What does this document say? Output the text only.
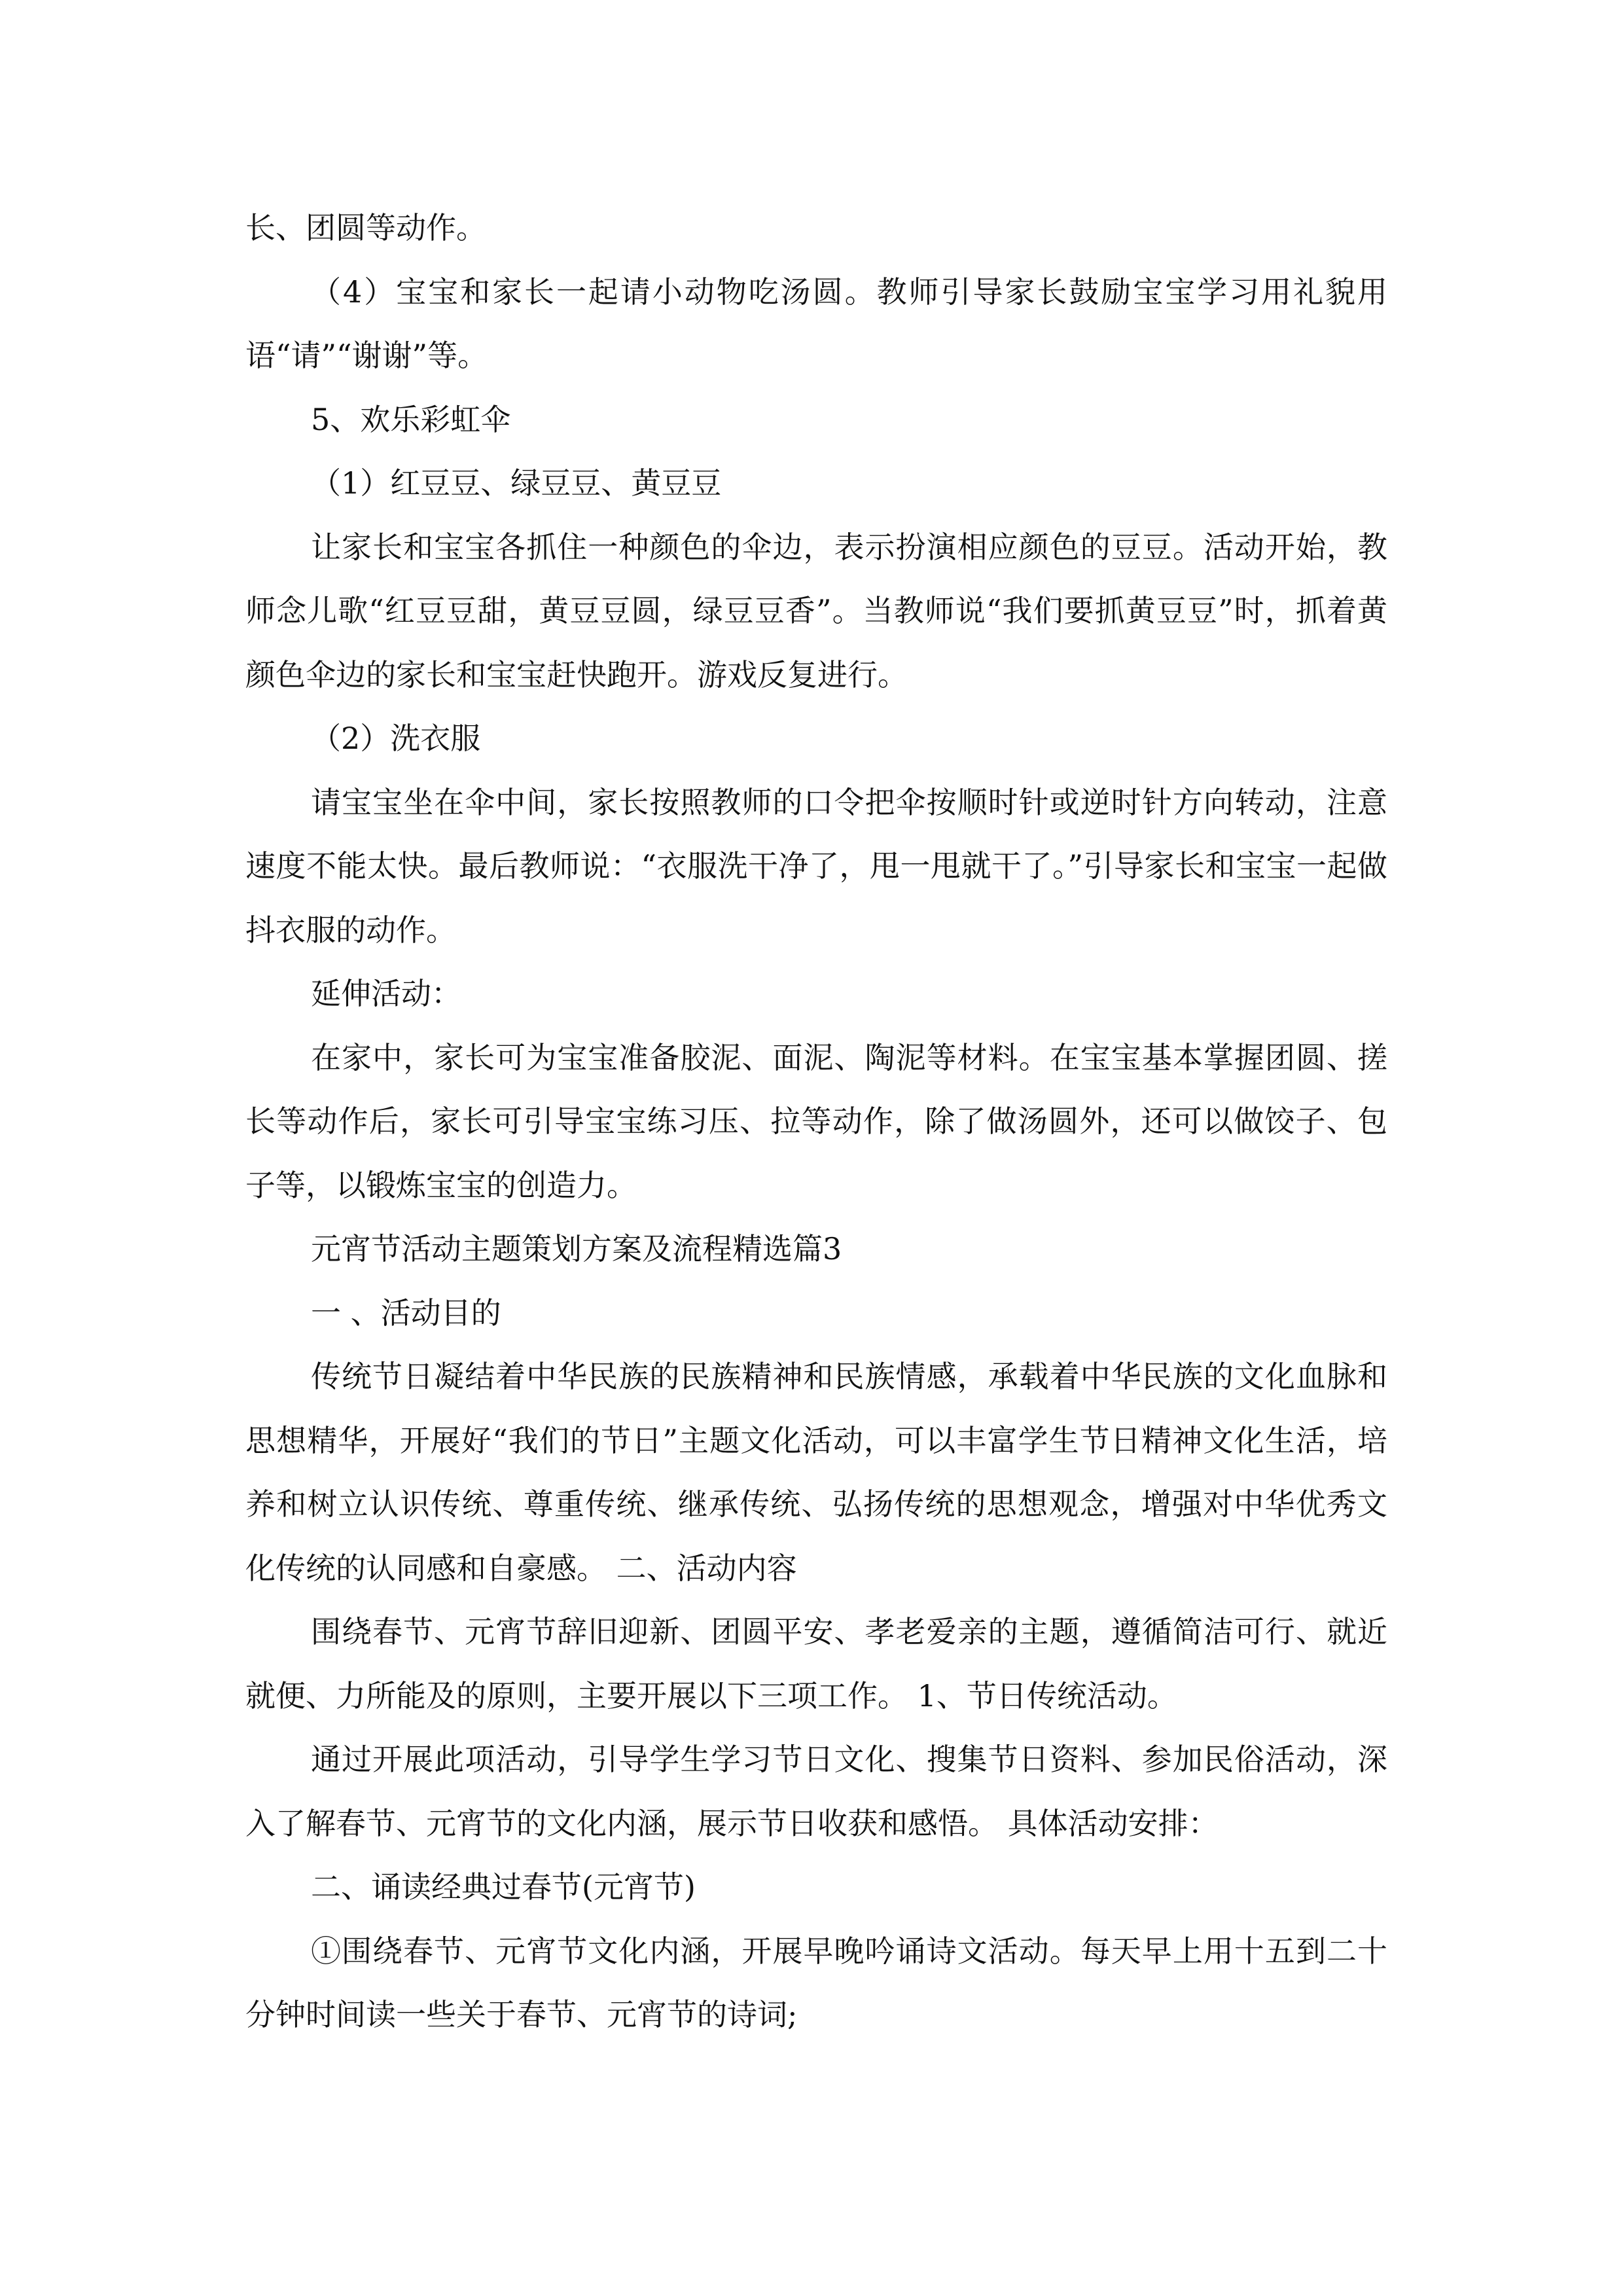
长、团圆等动作。

（4）宝宝和家长一起请小动物吃汤圆。教师引导家长鼓励宝宝学习用礼貌用语“请”“谢谢”等。

5、欢乐彩虹伞

（1）红豆豆、绿豆豆、黄豆豆

让家长和宝宝各抓住一种颜色的伞边，表示扮演相应颜色的豆豆。活动开始，教师念儿歌“红豆豆甜，黄豆豆圆，绿豆豆香”。当教师说“我们要抓黄豆豆”时，抓着黄颜色伞边的家长和宝宝赶快跑开。游戏反复进行。

（2）洗衣服

请宝宝坐在伞中间，家长按照教师的口令把伞按顺时针或逆时针方向转动，注意速度不能太快。最后教师说：“衣服洗干净了，甩一甩就干了。”引导家长和宝宝一起做抖衣服的动作。

延伸活动：

在家中，家长可为宝宝准备胶泥、面泥、陶泥等材料。在宝宝基本掌握团圆、搓长等动作后，家长可引导宝宝练习压、拉等动作，除了做汤圆外，还可以做饺子、包子等，以锻炼宝宝的创造力。

元宵节活动主题策划方案及流程精选篇3

一 、活动目的

传统节日凝结着中华民族的民族精神和民族情感，承载着中华民族的文化血脉和思想精华，开展好“我们的节日”主题文化活动，可以丰富学生节日精神文化生活，培养和树立认识传统、尊重传统、继承传统、弘扬传统的思想观念，增强对中华优秀文化传统的认同感和自豪感。 二、活动内容

围绕春节、元宵节辞旧迎新、团圆平安、孝老爱亲的主题，遵循简洁可行、就近就便、力所能及的原则，主要开展以下三项工作。 1、节日传统活动。

通过开展此项活动，引导学生学习节日文化、搜集节日资料、参加民俗活动，深入了解春节、元宵节的文化内涵，展示节日收获和感悟。 具体活动安排：

二、诵读经典过春节(元宵节)

①围绕春节、元宵节文化内涵，开展早晚吟诵诗文活动。每天早上用十五到二十分钟时间读一些关于春节、元宵节的诗词;
